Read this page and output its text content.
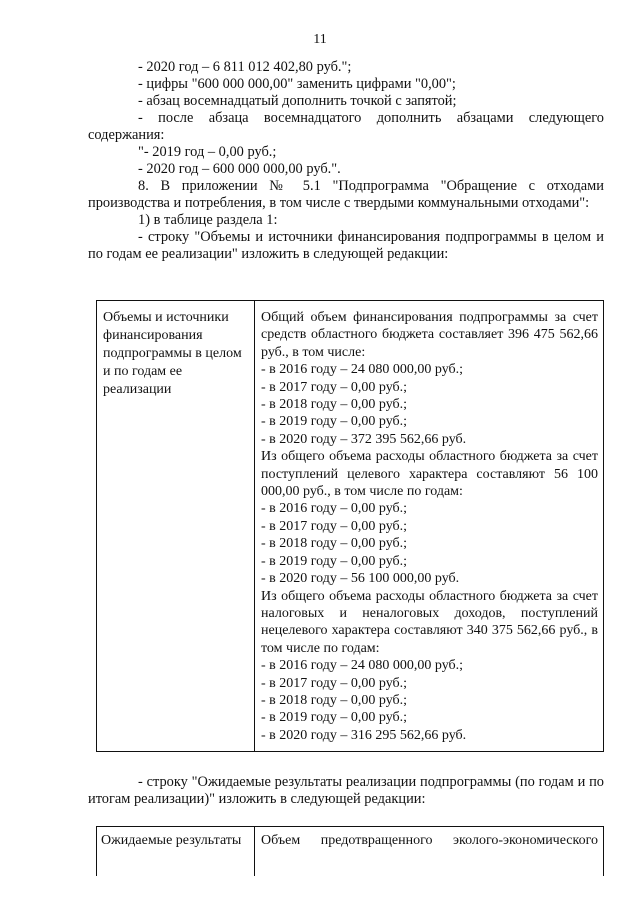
11

- 2020 год – 6 811 012 402,80 руб.";

- цифры "600 000 000,00" заменить цифрами "0,00";

- абзац восемнадцатый дополнить точкой с запятой;

- после абзаца восемнадцатого дополнить абзацами следующего содержания:

"- 2019 год – 0,00 руб.;

- 2020 год – 600 000 000,00 руб.".

8. В приложении № 5.1 "Подпрограмма "Обращение с отходами производства и потребления, в том числе с твердыми коммунальными отходами":

1) в таблице раздела 1:

- строку "Объемы и источники финансирования подпрограммы в целом и по годам ее реализации" изложить в следующей редакции:

Объемы и источники финансирования подпрограммы в целом и по годам ее реализации

Общий объем финансирования подпрограммы за счет средств областного бюджета составляет 396 475 562,66 руб., в том числе:

- в 2016 году – 24 080 000,00 руб.;

- в 2017 году – 0,00 руб.;

- в 2018 году – 0,00 руб.;

- в 2019 году – 0,00 руб.;

- в 2020 году – 372 395 562,66 руб.

Из общего объема расходы областного бюджета за счет поступлений целевого характера составляют 56 100 000,00 руб., в том числе по годам:

- в 2016 году – 0,00 руб.;

- в 2017 году – 0,00 руб.;

- в 2018 году – 0,00 руб.;

- в 2019 году – 0,00 руб.;

- в 2020 году – 56 100 000,00 руб.

Из общего объема расходы областного бюджета за счет налоговых и неналоговых доходов, поступлений нецелевого характера составляют 340 375 562,66 руб., в том числе по годам:

- в 2016 году – 24 080 000,00 руб.;

- в 2017 году – 0,00 руб.;

- в 2018 году – 0,00 руб.;

- в 2019 году – 0,00 руб.;

- в 2020 году – 316 295 562,66 руб.

- строку "Ожидаемые результаты реализации подпрограммы (по годам и по итогам реализации)" изложить в следующей редакции:

Ожидаемые результаты	Объем предотвращенного эколого-экономического
